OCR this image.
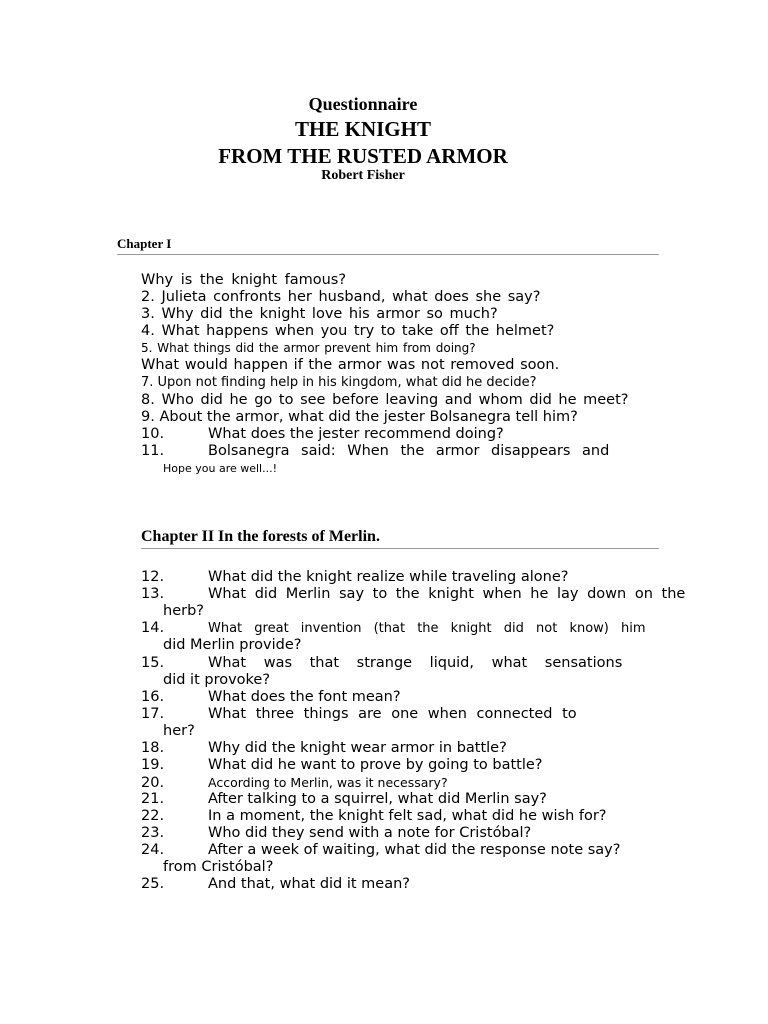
Questionnaire
THE KNIGHT
FROM THE RUSTED ARMOR
Robert Fisher
Chapter I
Why is the knight famous?
2. Julieta confronts her husband, what does she say?
3. Why did the knight love his armor so much?
4. What happens when you try to take off the helmet?
5. What things did the armor prevent him from doing?
What would happen if the armor was not removed soon.
7. Upon not finding help in his kingdom, what did he decide?
8. Who did he go to see before leaving and whom did he meet?
9. About the armor, what did the jester Bolsanegra tell him?
10.	What does the jester recommend doing?
11.	Bolsanegra said: When the armor disappears and
Hope you are well...!
Chapter II In the forests of Merlin.
12.	What did the knight realize while traveling alone?
13.	What did Merlin say to the knight when he lay down on the
herb?
14.	What great invention (that the knight did not know) him
did Merlin provide?
15.	What was that strange liquid, what sensations
did it provoke?
16.	What does the font mean?
17.	What three things are one when connected to
her?
18.	Why did the knight wear armor in battle?
19.	What did he want to prove by going to battle?
20.	According to Merlin, was it necessary?
21.	After talking to a squirrel, what did Merlin say?
22.	In a moment, the knight felt sad, what did he wish for?
23.	Who did they send with a note for Cristóbal?
24.	After a week of waiting, what did the response note say?
from Cristóbal?
25.	And that, what did it mean?
